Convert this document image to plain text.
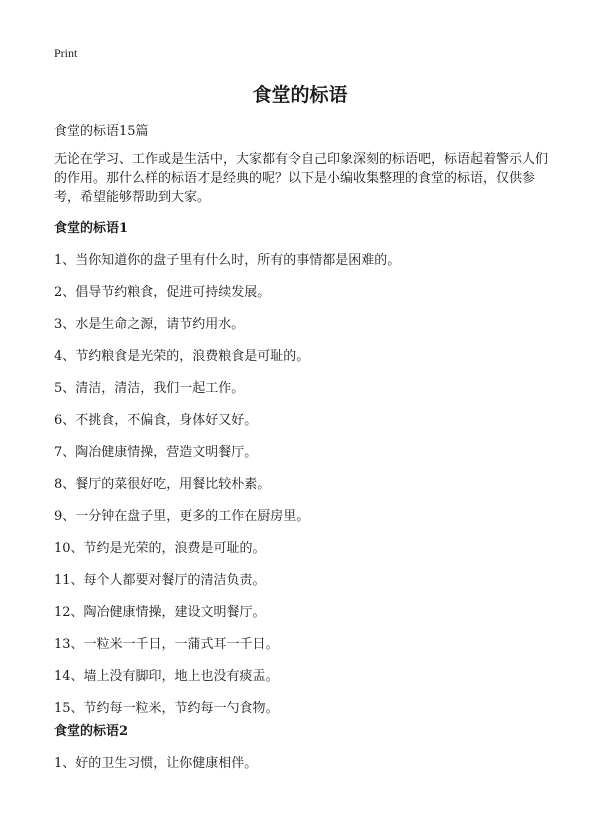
Print
食堂的标语

食堂的标语15篇

无论在学习、工作或是生活中，大家都有令自己印象深刻的标语吧，标语起着警示人们的作用。那什么样的标语才是经典的呢？以下是小编收集整理的食堂的标语，仅供参考，希望能够帮助到大家。

食堂的标语1

1、当你知道你的盘子里有什么时，所有的事情都是困难的。

2、倡导节约粮食，促进可持续发展。

3、水是生命之源，请节约用水。

4、节约粮食是光荣的，浪费粮食是可耻的。

5、清洁，清洁，我们一起工作。

6、不挑食，不偏食，身体好又好。

7、陶冶健康情操，营造文明餐厅。

8、餐厅的菜很好吃，用餐比较朴素。

9、一分钟在盘子里，更多的工作在厨房里。

10、节约是光荣的，浪费是可耻的。

11、每个人都要对餐厅的清洁负责。

12、陶冶健康情操，建设文明餐厅。

13、一粒米一千日，一蒲式耳一千日。

14、墙上没有脚印，地上也没有痰盂。

15、节约每一粒米，节约每一勺食物。

食堂的标语2

1、好的卫生习惯，让你健康相伴。
